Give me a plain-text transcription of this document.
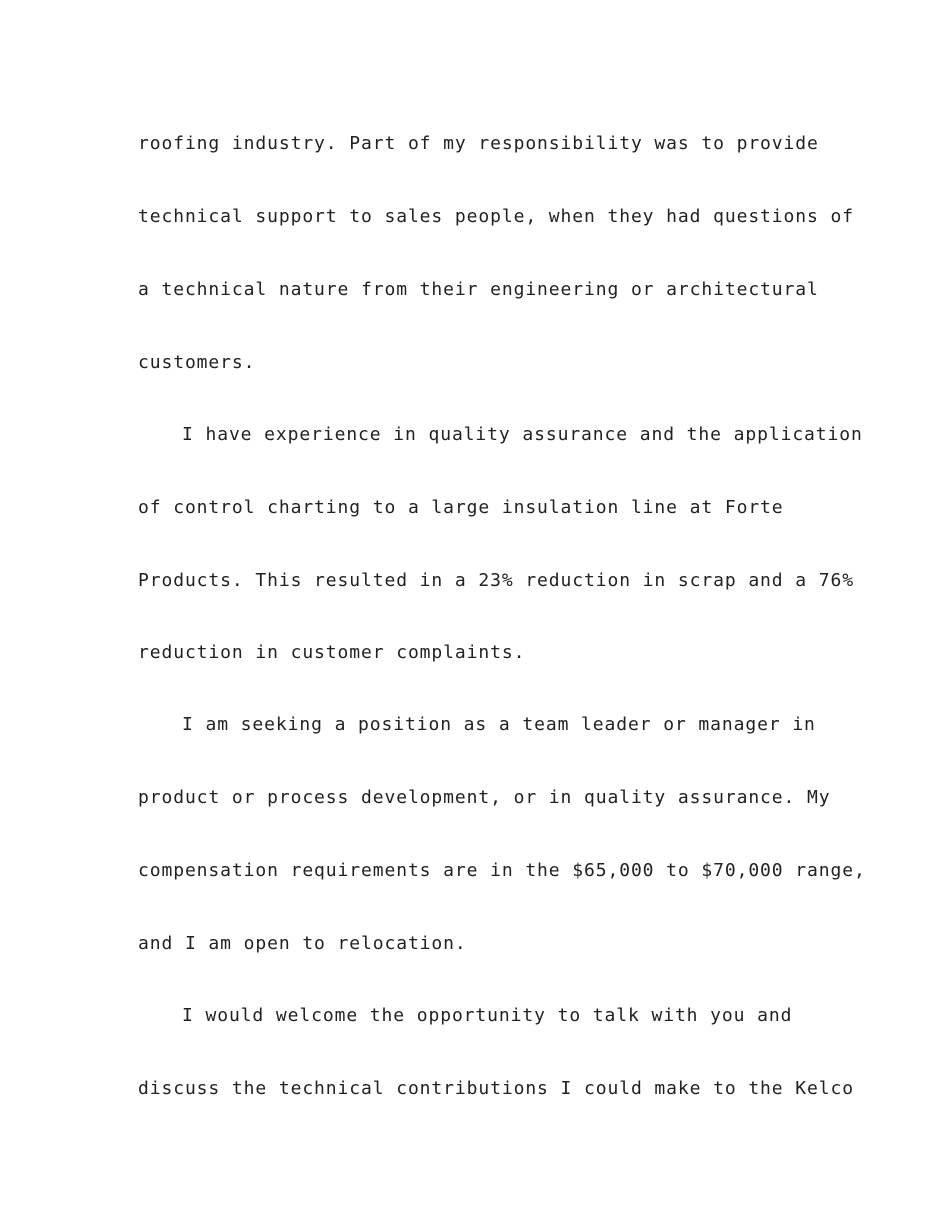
roofing industry. Part of my responsibility was to provide

technical support to sales people, when they had questions of

a technical nature from their engineering or architectural

customers.

I have experience in quality assurance and the application

of control charting to a large insulation line at Forte

Products. This resulted in a 23% reduction in scrap and a 76%

reduction in customer complaints.

I am seeking a position as a team leader or manager in

product or process development, or in quality assurance. My

compensation requirements are in the $65,000 to $70,000 range,

and I am open to relocation.

I would welcome the opportunity to talk with you and

discuss the technical contributions I could make to the Kelco
